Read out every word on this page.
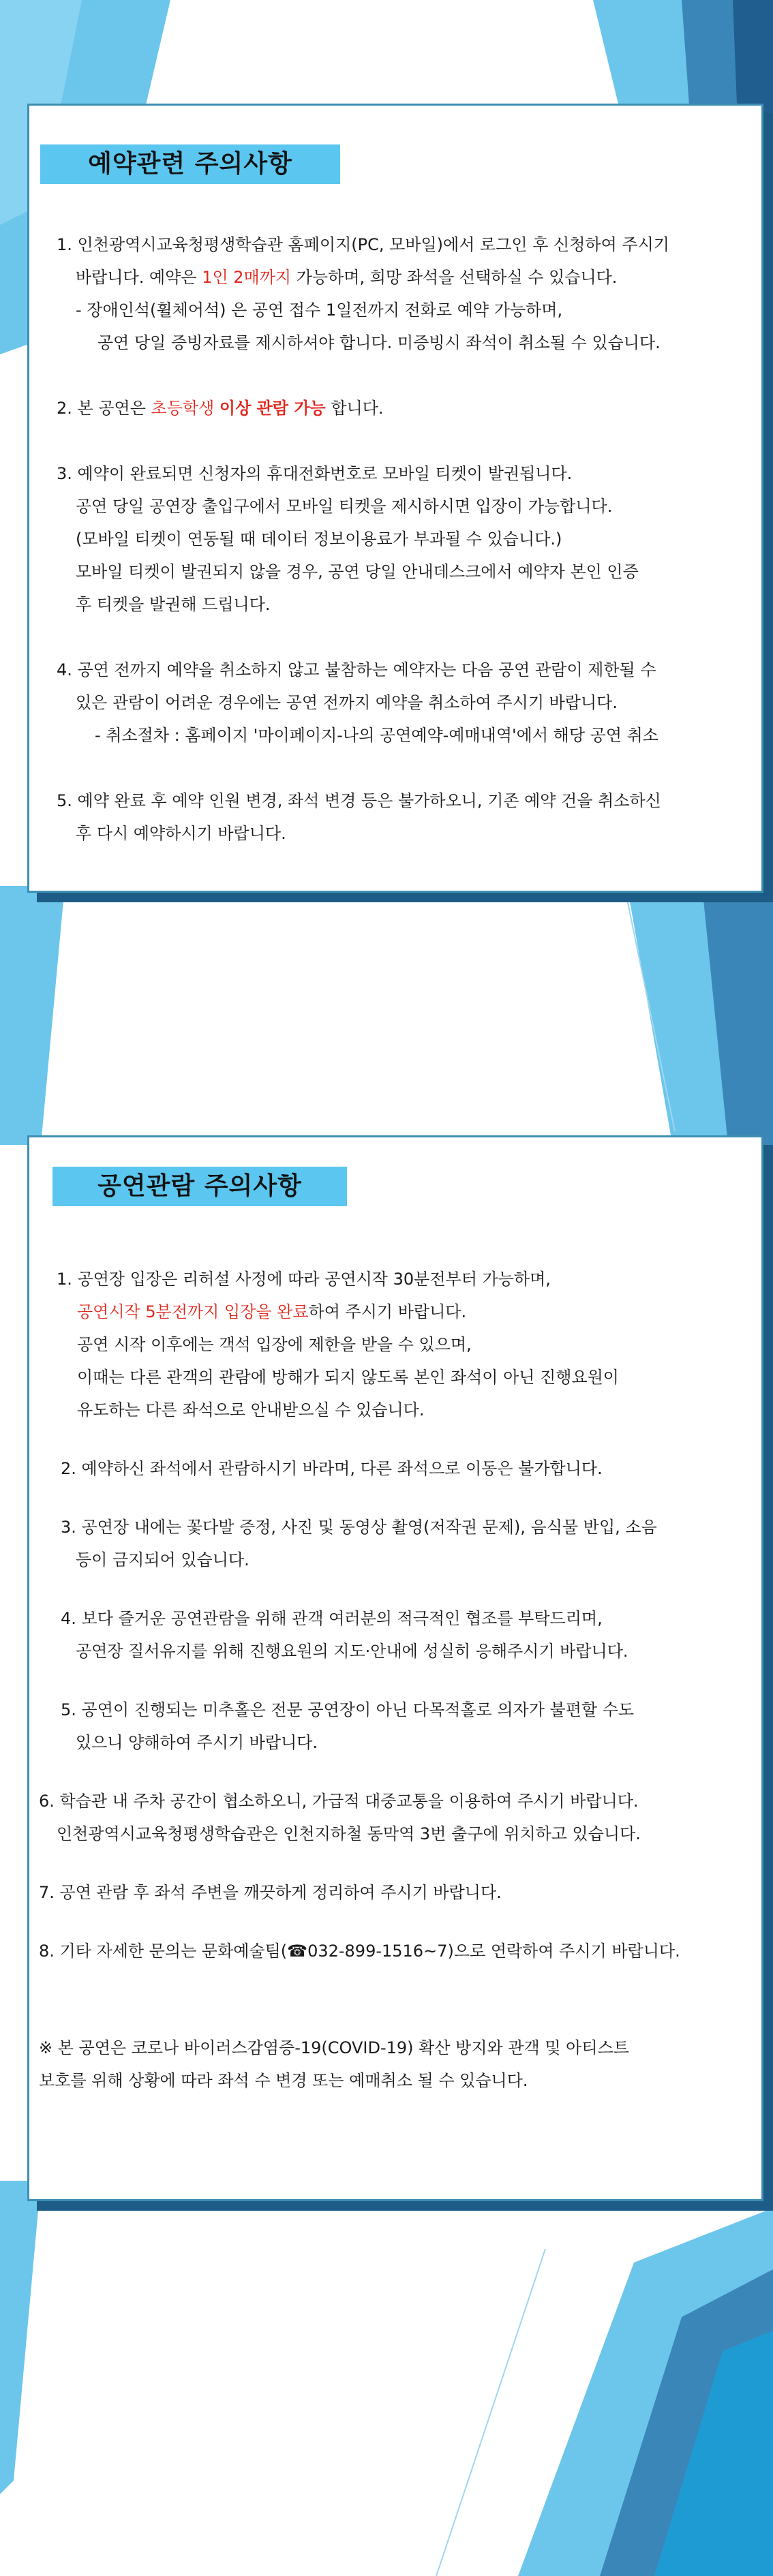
예약관련 주의사항
1. 인천광역시교육청평생학습관 홈페이지(PC, 모바일)에서 로그인 후 신청하여 주시기
바랍니다. 예약은 1인 2매까지 가능하며, 희망 좌석을 선택하실 수 있습니다.
- 장애인석(휠체어석) 은 공연 접수 1일전까지 전화로 예약 가능하며,
공연 당일 증빙자료를 제시하셔야 합니다. 미증빙시 좌석이 취소될 수 있습니다.
2. 본 공연은 초등학생 이상 관람 가능 합니다.
3. 예약이 완료되면 신청자의 휴대전화번호로 모바일 티켓이 발권됩니다.
공연 당일 공연장 출입구에서 모바일 티켓을 제시하시면 입장이 가능합니다.
(모바일 티켓이 연동될 때 데이터 정보이용료가 부과될 수 있습니다.)
모바일 티켓이 발권되지 않을 경우, 공연 당일 안내데스크에서 예약자 본인 인증
후 티켓을 발권해 드립니다.
4. 공연 전까지 예약을 취소하지 않고 불참하는 예약자는 다음 공연 관람이 제한될 수
있은 관람이 어려운 경우에는 공연 전까지 예약을 취소하여 주시기 바랍니다.
- 취소절차 : 홈페이지 '마이페이지-나의 공연예약-예매내역'에서 해당 공연 취소
5. 예약 완료 후 예약 인원 변경, 좌석 변경 등은 불가하오니, 기존 예약 건을 취소하신
후 다시 예약하시기 바랍니다.
공연관람 주의사항
1. 공연장 입장은 리허설 사정에 따라 공연시작 30분전부터 가능하며,
공연시작 5분전까지 입장을 완료하여 주시기 바랍니다.
공연 시작 이후에는 객석 입장에 제한을 받을 수 있으며,
이때는 다른 관객의 관람에 방해가 되지 않도록 본인 좌석이 아닌 진행요원이
유도하는 다른 좌석으로 안내받으실 수 있습니다.
2. 예약하신 좌석에서 관람하시기 바라며, 다른 좌석으로 이동은 불가합니다.
3. 공연장 내에는 꽃다발 증정, 사진 및 동영상 촬영(저작권 문제), 음식물 반입, 소음
등이 금지되어 있습니다.
4. 보다 즐거운 공연관람을 위해 관객 여러분의 적극적인 협조를 부탁드리며,
공연장 질서유지를 위해 진행요원의 지도·안내에 성실히 응해주시기 바랍니다.
5. 공연이 진행되는 미추홀은 전문 공연장이 아닌 다목적홀로 의자가 불편할 수도
있으니 양해하여 주시기 바랍니다.
6. 학습관 내 주차 공간이 협소하오니, 가급적 대중교통을 이용하여 주시기 바랍니다.
인천광역시교육청평생학습관은 인천지하철 동막역 3번 출구에 위치하고 있습니다.
7. 공연 관람 후 좌석 주변을 깨끗하게 정리하여 주시기 바랍니다.
8. 기타 자세한 문의는 문화예술팀(☎032-899-1516~7)으로 연락하여 주시기 바랍니다.
※ 본 공연은 코로나 바이러스감염증-19(COVID-19) 확산 방지와 관객 및 아티스트
보호를 위해 상황에 따라 좌석 수 변경 또는 예매취소 될 수 있습니다.
